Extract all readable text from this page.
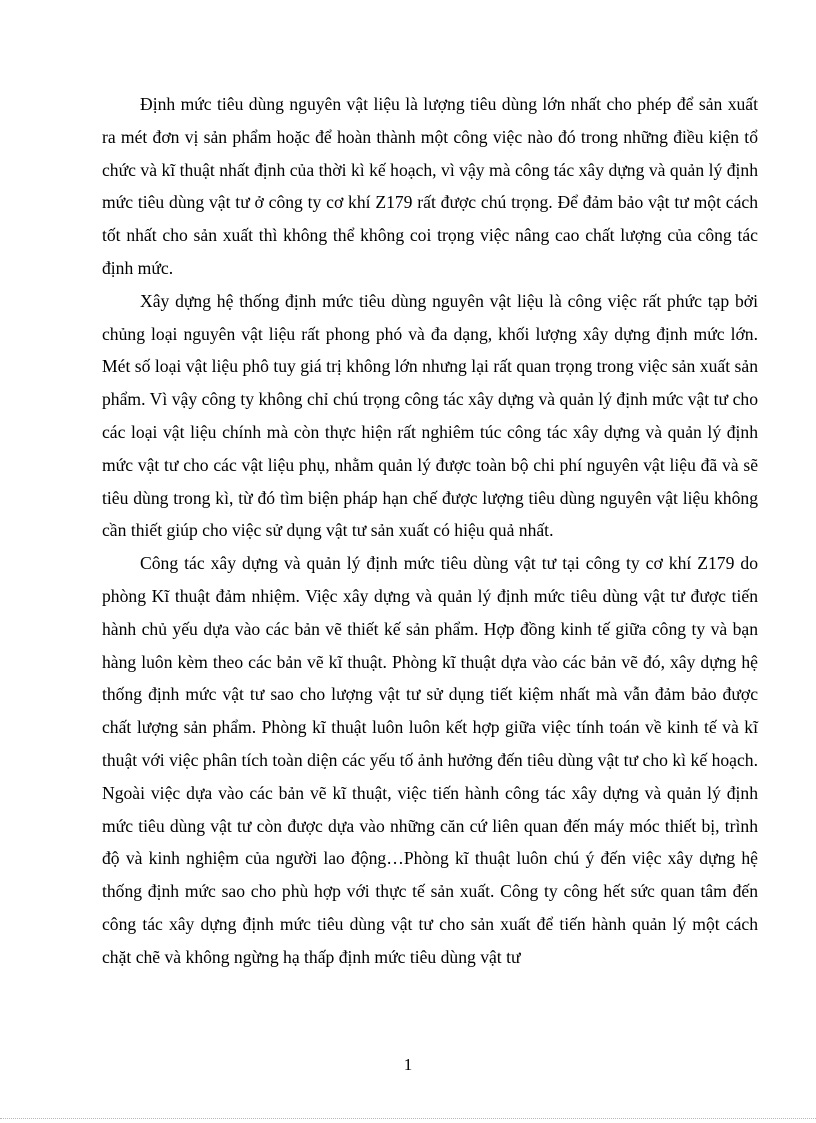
Định mức tiêu dùng nguyên vật liệu là lượng tiêu dùng lớn nhất cho phép để sản xuất ra mét đơn vị sản phẩm hoặc để hoàn thành một công việc nào đó trong những điều kiện tổ chức và kĩ thuật nhất định của thời kì kế hoạch, vì vậy mà công tác xây dựng và quản lý định mức tiêu dùng vật tư ở công ty cơ khí Z179 rất được chú trọng. Để đảm bảo vật tư một cách tốt nhất cho sản xuất thì không thể không coi trọng việc nâng cao chất lượng của công tác định mức.

Xây dựng hệ thống định mức tiêu dùng nguyên vật liệu là công việc rất phức tạp bởi chủng loại nguyên vật liệu rất phong phó và đa dạng, khối lượng xây dựng định mức lớn. Mét số loại vật liệu phô tuy giá trị không lớn nhưng lại rất quan trọng trong việc sản xuất sản phẩm. Vì vậy công ty không chỉ chú trọng công tác xây dựng và quản lý định mức vật tư cho các loại vật liệu chính mà còn thực hiện rất nghiêm túc công tác xây dựng và quản lý định mức vật tư cho các vật liệu phụ, nhằm quản lý được toàn bộ chi phí nguyên vật liệu đã và sẽ tiêu dùng trong kì, từ đó tìm biện pháp hạn chế được lượng tiêu dùng nguyên vật liệu không cần thiết giúp cho việc sử dụng vật tư sản xuất có hiệu quả nhất.

Công tác xây dựng và quản lý định mức tiêu dùng vật tư tại công ty cơ khí Z179 do phòng Kĩ thuật đảm nhiệm. Việc xây dựng và quản lý định mức tiêu dùng vật tư được tiến hành chủ yếu dựa vào các bản vẽ thiết kế sản phẩm. Hợp đồng kinh tế giữa công ty và bạn hàng luôn kèm theo các bản vẽ kĩ thuật. Phòng kĩ thuật dựa vào các bản vẽ đó, xây dựng hệ thống định mức vật tư sao cho lượng vật tư sử dụng tiết kiệm nhất mà vẫn đảm bảo được chất lượng sản phẩm. Phòng kĩ thuật luôn luôn kết hợp giữa việc tính toán về kinh tế và kĩ thuật với việc phân tích toàn diện các yếu tố ảnh hưởng đến tiêu dùng vật tư cho kì kế hoạch. Ngoài việc dựa vào các bản vẽ kĩ thuật, việc tiến hành công tác xây dựng và quản lý định mức tiêu dùng vật tư còn được dựa vào những căn cứ liên quan đến máy móc thiết bị, trình độ và kinh nghiệm của người lao động…Phòng kĩ thuật luôn chú ý đến việc xây dựng hệ thống định mức sao cho phù hợp với thực tế sản xuất. Công ty công hết sức quan tâm đến công tác xây dựng định mức tiêu dùng vật tư cho sản xuất để tiến hành quản lý một cách chặt chẽ và không ngừng hạ thấp định mức tiêu dùng vật tư

1
